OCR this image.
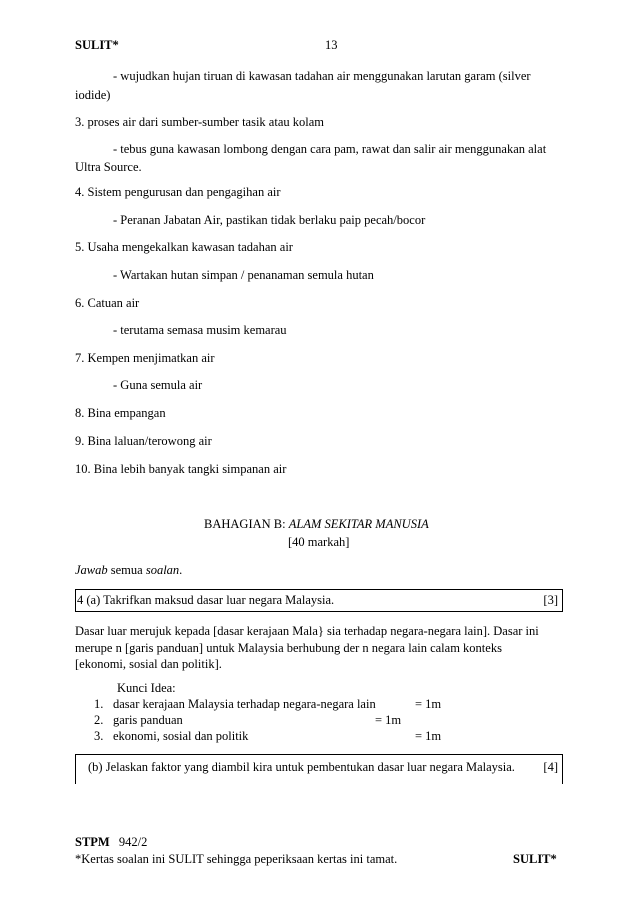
SULIT*	13
- wujudkan hujan tiruan di kawasan tadahan air menggunakan larutan garam (silver
iodide)
3. proses air dari sumber-sumber tasik atau kolam
- tebus guna kawasan lombong dengan cara pam, rawat dan salir air menggunakan alat
Ultra Source.
4. Sistem pengurusan dan pengagihan air
- Peranan Jabatan Air, pastikan tidak berlaku paip pecah/bocor
5. Usaha mengekalkan kawasan tadahan air
- Wartakan hutan simpan / penanaman semula hutan
6. Catuan air
- terutama semasa musim kemarau
7. Kempen menjimatkan air
- Guna semula air
8. Bina empangan
9. Bina laluan/terowong air
10. Bina lebih banyak tangki simpanan air
BAHAGIAN B: ALAM SEKITAR MANUSIA
[40 markah]
Jawab semua soalan.
4 (a) Takrifkan maksud dasar luar negara Malaysia.	[3]
Dasar luar merujuk kepada [dasar kerajaan Mala} sia terhadap negara-negara lain]. Dasar ini
merupe n [garis panduan] untuk Malaysia berhubung der n negara lain calam konteks
[ekonomi, sosial dan politik].
Kunci Idea:
1. dasar kerajaan Malaysia terhadap negara-negara lain	= 1m
2. garis panduan	= 1m
3. ekonomi, sosial dan politik	= 1m
(b) Jelaskan faktor yang diambil kira untuk pembentukan dasar luar negara Malaysia. [4]
STPM 942/2
*Kertas soalan ini SULIT sehingga peperiksaan kertas ini tamat.	SULIT*
